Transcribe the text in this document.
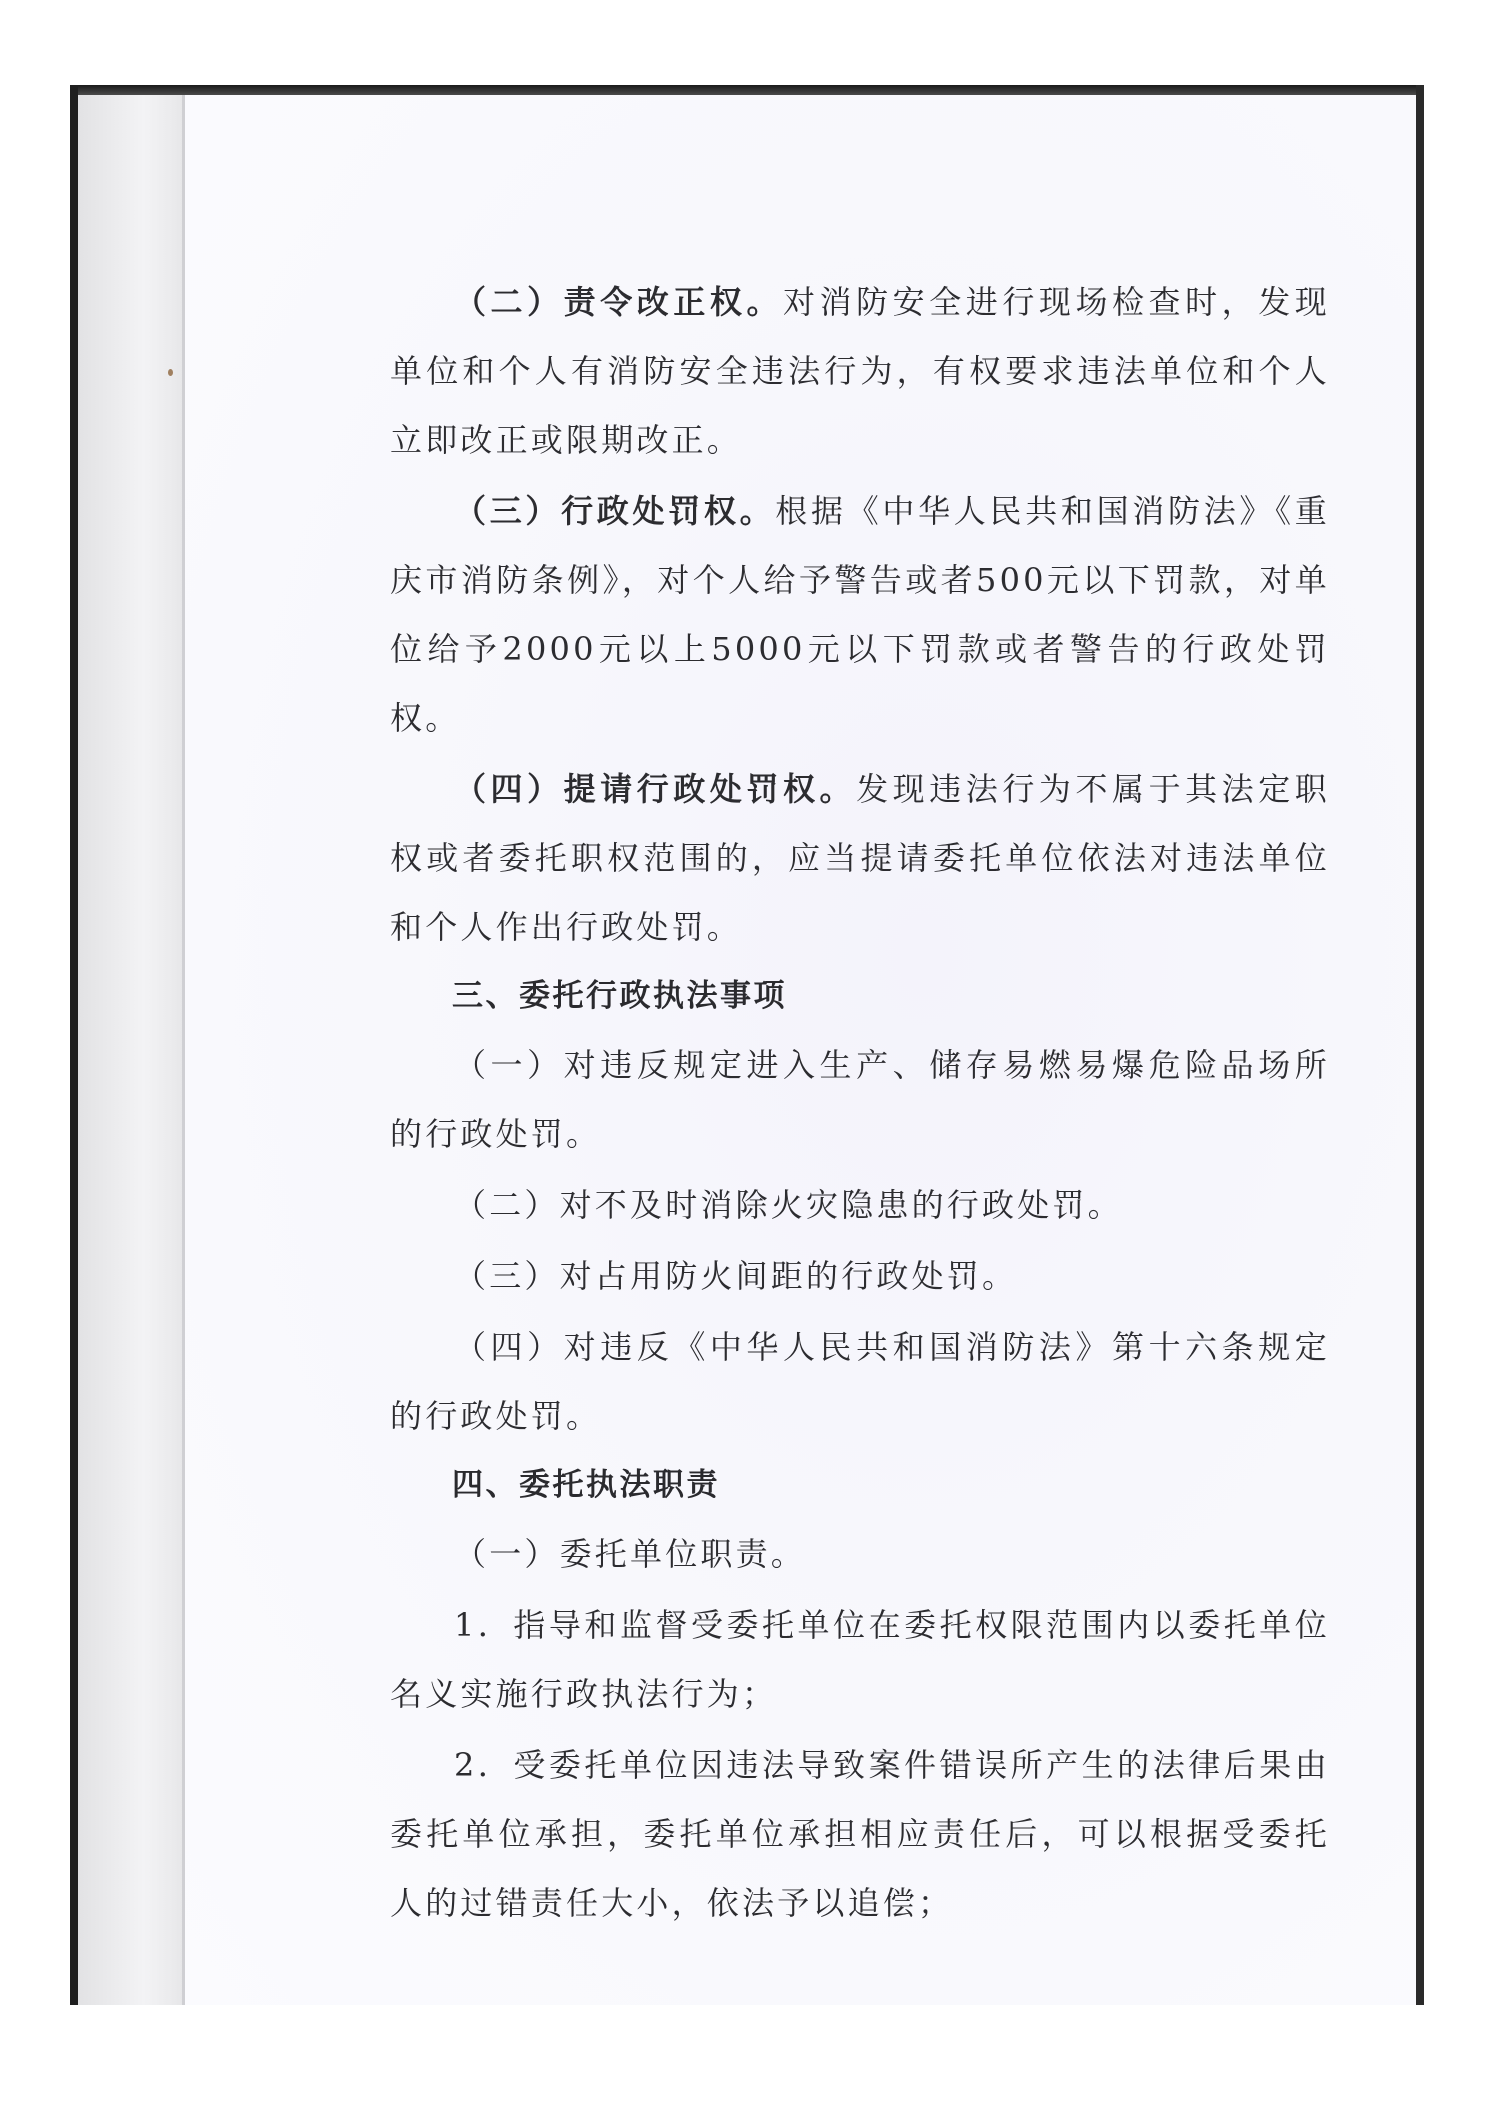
（二）责令改正权。对消防安全进行现场检查时，发现单位和个人有消防安全违法行为，有权要求违法单位和个人立即改正或限期改正。

（三）行政处罚权。根据《中华人民共和国消防法》《重庆市消防条例》，对个人给予警告或者500元以下罚款，对单位给予2000元以上5000元以下罚款或者警告的行政处罚权。

（四）提请行政处罚权。发现违法行为不属于其法定职权或者委托职权范围的，应当提请委托单位依法对违法单位和个人作出行政处罚。

三、委托行政执法事项

（一）对违反规定进入生产、储存易燃易爆危险品场所的行政处罚。

（二）对不及时消除火灾隐患的行政处罚。

（三）对占用防火间距的行政处罚。

（四）对违反《中华人民共和国消防法》第十六条规定的行政处罚。

四、委托执法职责

（一）委托单位职责。

1．指导和监督受委托单位在委托权限范围内以委托单位名义实施行政执法行为；

2．受委托单位因违法导致案件错误所产生的法律后果由委托单位承担，委托单位承担相应责任后，可以根据受委托人的过错责任大小，依法予以追偿；
